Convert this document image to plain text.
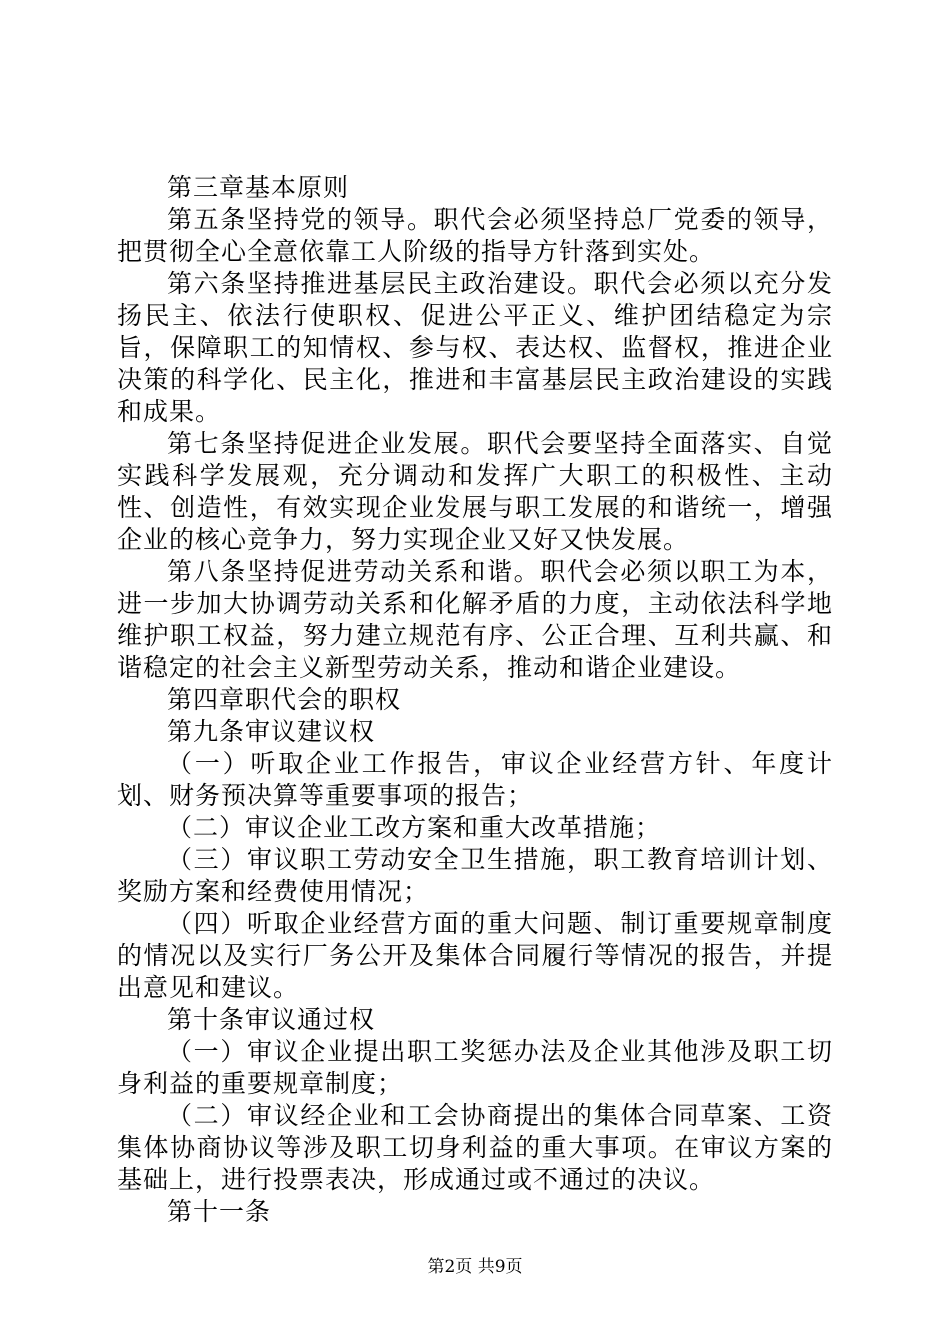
第三章基本原则

第五条坚持党的领导。职代会必须坚持总厂党委的领导，把贯彻全心全意依靠工人阶级的指导方针落到实处。

第六条坚持推进基层民主政治建设。职代会必须以充分发扬民主、依法行使职权、促进公平正义、维护团结稳定为宗旨，保障职工的知情权、参与权、表达权、监督权，推进企业决策的科学化、民主化，推进和丰富基层民主政治建设的实践和成果。

第七条坚持促进企业发展。职代会要坚持全面落实、自觉实践科学发展观，充分调动和发挥广大职工的积极性、主动性、创造性，有效实现企业发展与职工发展的和谐统一，增强企业的核心竞争力，努力实现企业又好又快发展。

第八条坚持促进劳动关系和谐。职代会必须以职工为本，进一步加大协调劳动关系和化解矛盾的力度，主动依法科学地维护职工权益，努力建立规范有序、公正合理、互利共赢、和谐稳定的社会主义新型劳动关系，推动和谐企业建设。

第四章职代会的职权

第九条审议建议权

（一）听取企业工作报告，审议企业经营方针、年度计划、财务预决算等重要事项的报告；

（二）审议企业工改方案和重大改革措施；

（三）审议职工劳动安全卫生措施，职工教育培训计划、奖励方案和经费使用情况；

（四）听取企业经营方面的重大问题、制订重要规章制度的情况以及实行厂务公开及集体合同履行等情况的报告，并提出意见和建议。

第十条审议通过权

（一）审议企业提出职工奖惩办法及企业其他涉及职工切身利益的重要规章制度；

（二）审议经企业和工会协商提出的集体合同草案、工资集体协商协议等涉及职工切身利益的重大事项。在审议方案的基础上，进行投票表决，形成通过或不通过的决议。

第十一条

第2页 共9页
